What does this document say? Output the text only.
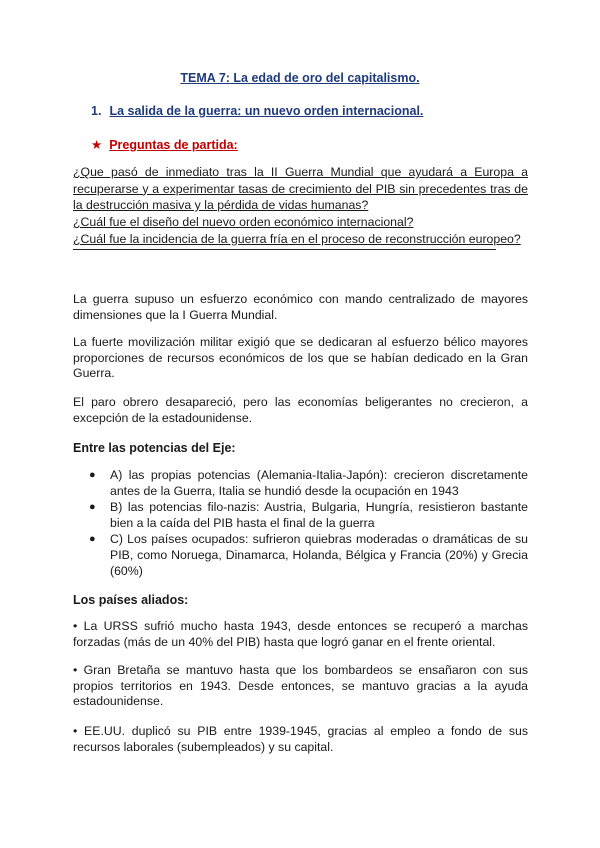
TEMA 7: La edad de oro del capitalismo.
1. La salida de la guerra: un nuevo orden internacional.
★ Preguntas de partida:
¿Que pasó de inmediato tras la II Guerra Mundial que ayudará a Europa a recuperarse y a experimentar tasas de crecimiento del PIB sin precedentes tras de la destrucción masiva y la pérdida de vidas humanas?
¿Cuál fue el diseño del nuevo orden económico internacional?
¿Cuál fue la incidencia de la guerra fría en el proceso de reconstrucción europeo?
La guerra supuso un esfuerzo económico con mando centralizado de mayores dimensiones que la I Guerra Mundial.
La fuerte movilización militar exigió que se dedicaran al esfuerzo bélico mayores proporciones de recursos económicos de los que se habían dedicado en la Gran Guerra.
El paro obrero desapareció, pero las economías beligerantes no crecieron, a excepción de la estadounidense.
Entre las potencias del Eje:
● A) las propias potencias (Alemania-Italia-Japón): crecieron discretamente antes de la Guerra, Italia se hundió desde la ocupación en 1943
● B) las potencias filo-nazis: Austria, Bulgaria, Hungría, resistieron bastante bien a la caída del PIB hasta el final de la guerra
● C) Los países ocupados: sufrieron quiebras moderadas o dramáticas de su PIB, como Noruega, Dinamarca, Holanda, Bélgica y Francia (20%) y Grecia (60%)
Los países aliados:
• La URSS sufrió mucho hasta 1943, desde entonces se recuperó a marchas forzadas (más de un 40% del PIB) hasta que logró ganar en el frente oriental.
• Gran Bretaña se mantuvo hasta que los bombardeos se ensañaron con sus propios territorios en 1943. Desde entonces, se mantuvo gracias a la ayuda estadounidense.
• EE.UU. duplicó su PIB entre 1939-1945, gracias al empleo a fondo de sus recursos laborales (subempleados) y su capital.
